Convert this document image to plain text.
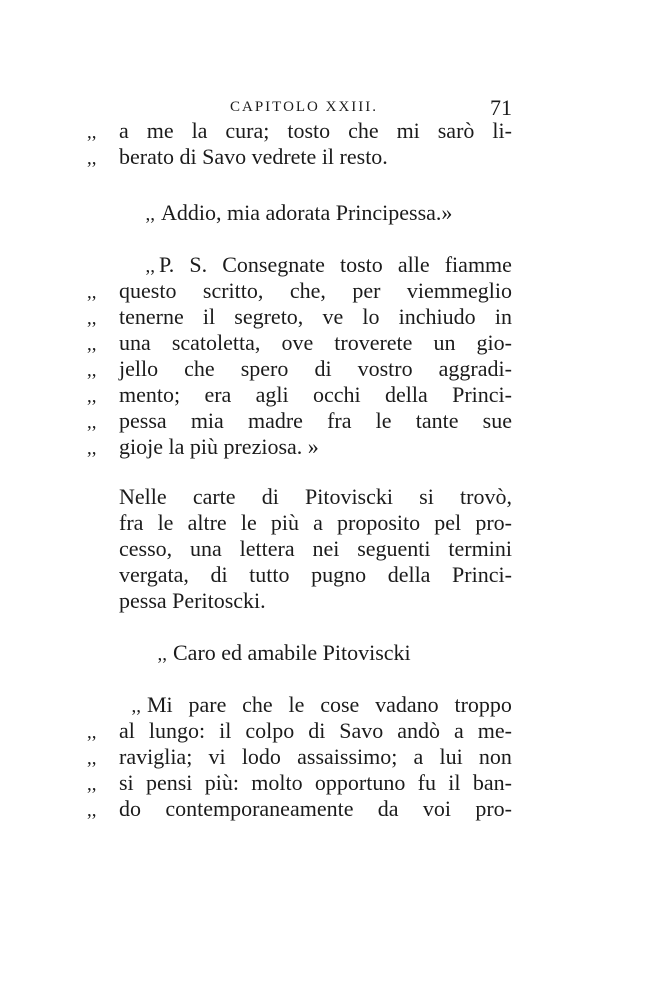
CAPITOLO XXIII.	71
,,	a me la cura; tosto che mi sarò li-
,,	berato di Savo vedrete il resto.
,, Addio, mia adorata Principessa.»
,, P. S. Consegnate tosto alle fiamme
,,	questo scritto, che, per viemmeglio
,,	tenerne il segreto, ve lo inchiudo in
,,	una scatoletta, ove troverete un gio-
,,	jello che spero di vostro aggradi-
,,	mento; era agli occhi della Princi-
,,	pessa mia madre fra le tante sue
,,	gioje la più preziosa. »
Nelle carte di Pitoviscki si trovò,
fra le altre le più a proposito pel pro-
cesso, una lettera nei seguenti termini
vergata, di tutto pugno della Princi-
pessa Peritoscki.
,, Caro ed amabile Pitoviscki
,, Mi pare che le cose vadano troppo
,,	al lungo: il colpo di Savo andò a me-
,,	raviglia; vi lodo assaissimo; a lui non
,,	si pensi più: molto opportuno fu il ban-
,,	do contemporaneamente da voi pro-
